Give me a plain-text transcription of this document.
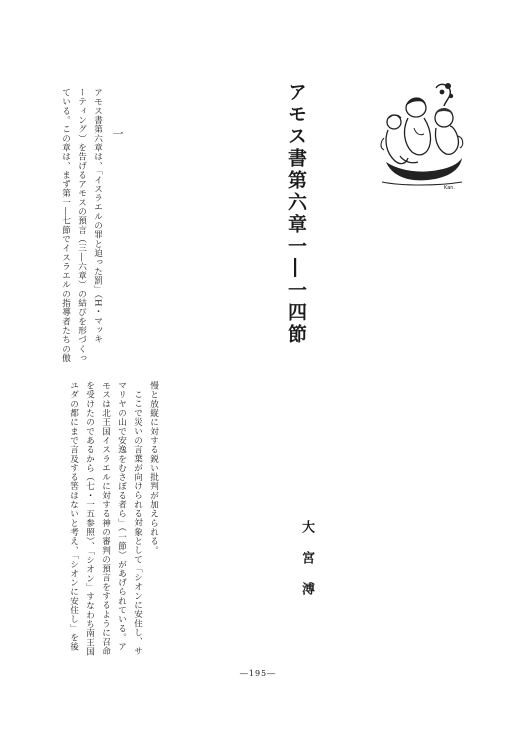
アモス書第六章一―一四節
大宮溥
一
アモス書第六章は、「イスラエルの罪と迫った罰」（H・マッキ
ーティング）を告げるアモスの預言（三―六章）の結びを形づくっ
ている。この章は、まず第一―七節でイスラエルの指導者たちの傲
慢と放縦に対する鋭い批判が加えられる。
ここで災いの言葉が向けられる対象として「シオンに安住し、サ
マリヤの山で安逸をむさぼる者ら」（一節）があげられている。ア
モスは北王国イスラエルに対する神の審判の預言をするように召命
を受けたのであるから（七・一五参照）、「シオン」すなわち南王国
ユダの都にまで言及する筈はないと考え、「シオンに安住し」を後
Kan.
―195―
